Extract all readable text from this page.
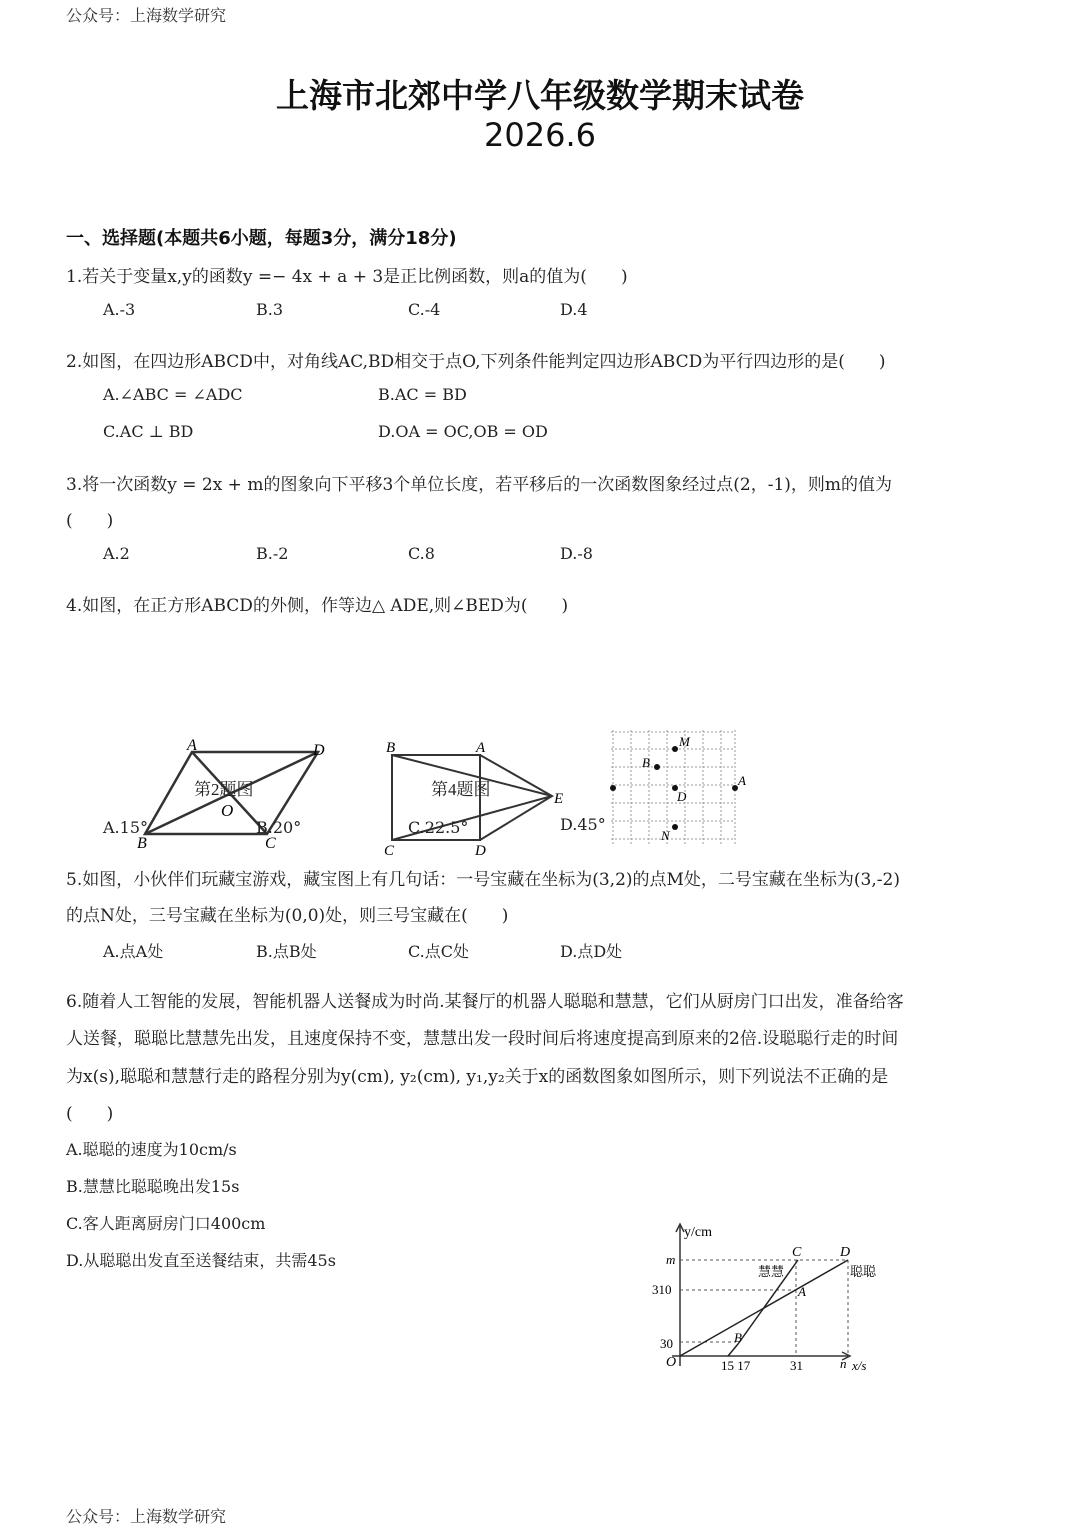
公众号：上海数学研究
上海市北郊中学八年级数学期末试卷
2026.6
一、选择题(本题共6小题，每题3分，满分18分)
1.若关于变量x,y的函数y =− 4x + a + 3是正比例函数，则a的值为(　　)
A.-3	B.3	C.-4	D.4
2.如图，在四边形ABCD中，对角线AC,BD相交于点O,下列条件能判定四边形ABCD为平行四边形的是(　　)
A.∠ABC = ∠ADC	B.AC = BD
C.AC ⊥ BD	D.OA = OC,OB = OD
3.将一次函数y = 2x + m的图象向下平移3个单位长度，若平移后的一次函数图象经过点(2，-1)，则m的值为
(　　)
A.2	B.-2	C.8	D.-8
4.如图，在正方形ABCD的外侧，作等边△ ADE,则∠BED为(　　)
A	D
O
B	C
第2题图
B	A
E
C	D
第4题图
M
B
A
D
N
A.15°	B.20°	C.22.5°	D.45°
5.如图，小伙伴们玩藏宝游戏，藏宝图上有几句话：一号宝藏在坐标为(3,2)的点M处，二号宝藏在坐标为(3,-2)
的点N处，三号宝藏在坐标为(0,0)处，则三号宝藏在(　　)
A.点A处	B.点B处	C.点C处	D.点D处
6.随着人工智能的发展，智能机器人送餐成为时尚.某餐厅的机器人聪聪和慧慧，它们从厨房门口出发，准备给客
人送餐，聪聪比慧慧先出发，且速度保持不变，慧慧出发一段时间后将速度提高到原来的2倍.设聪聪行走的时间
为x(s),聪聪和慧慧行走的路程分别为y(cm), y₂(cm), y₁,y₂关于x的函数图象如图所示，则下列说法不正确的是
(　　)
A.聪聪的速度为10cm/s
B.慧慧比聪聪晚出发15s
C.客人距离厨房门口400cm
D.从聪聪出发直至送餐结束，共需45s
y/cm
x/s
m
310
30
O	15 17	31	n
C	D
A
B
慧慧	聪聪
公众号：上海数学研究
